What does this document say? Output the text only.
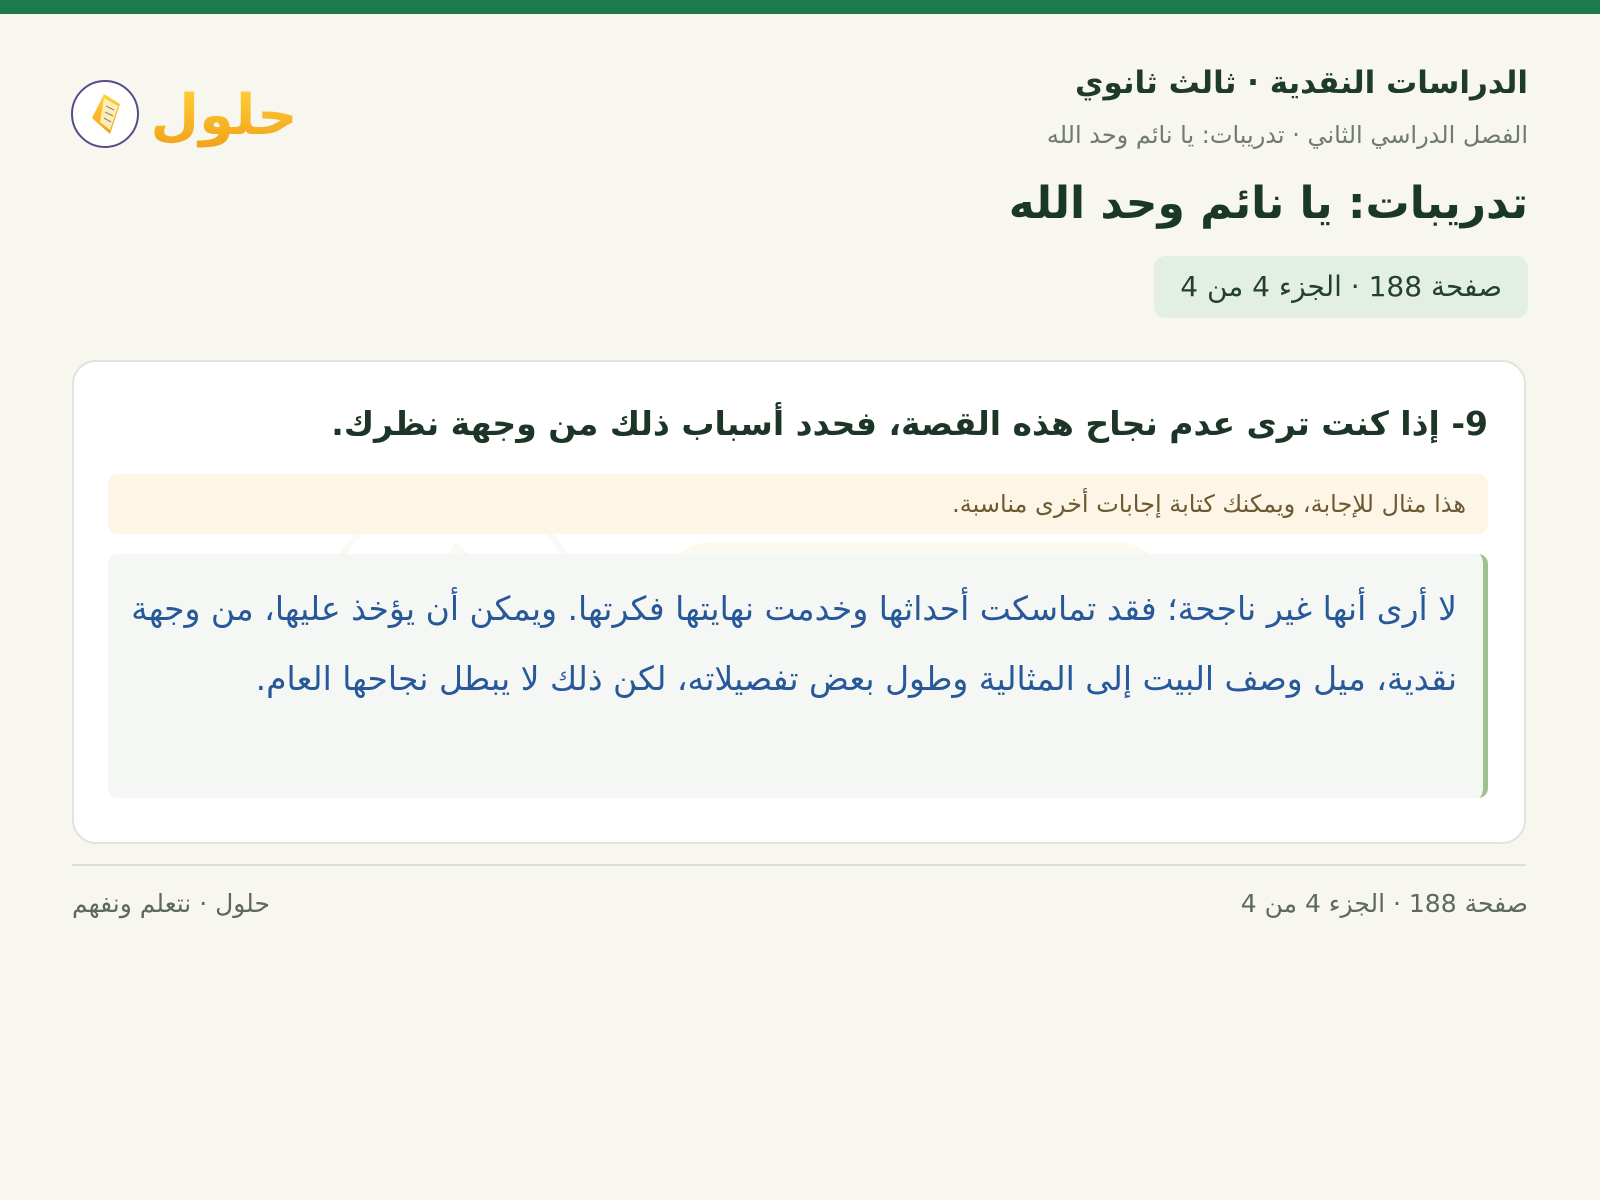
الدراسات النقدية · ثالث ثانوي
الفصل الدراسي الثاني · تدريبات: يا نائم وحد الله
تدريبات: يا نائم وحد الله
صفحة 188 · الجزء 4 من 4
حلول
9- إذا كنت ترى عدم نجاح هذه القصة، فحدد أسباب ذلك من وجهة نظرك.
هذا مثال للإجابة، ويمكنك كتابة إجابات أخرى مناسبة.
لا أرى أنها غير ناجحة؛ فقد تماسكت أحداثها وخدمت نهايتها فكرتها. ويمكن أن يؤخذ عليها، من وجهة نقدية، ميل وصف البيت إلى المثالية وطول بعض تفصيلاته، لكن ذلك لا يبطل نجاحها العام.
صفحة 188 · الجزء 4 من 4
حلول · نتعلم ونفهم
